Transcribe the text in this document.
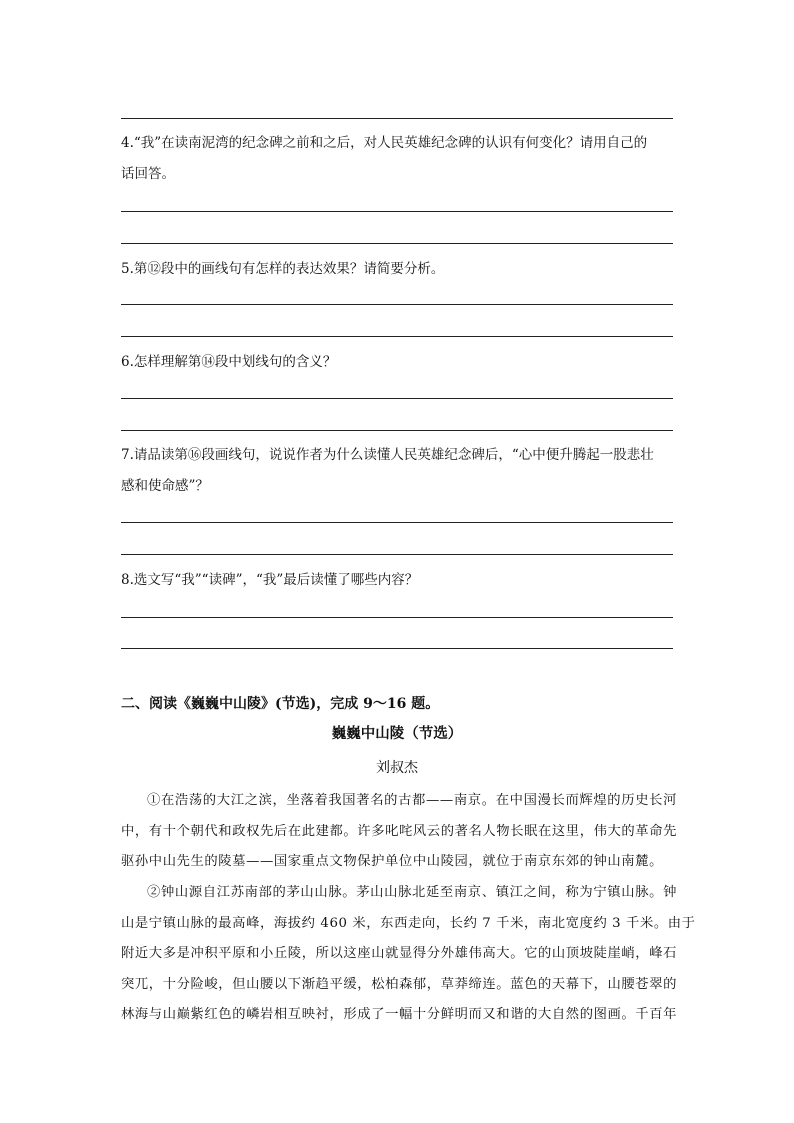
4.“我”在读南泥湾的纪念碑之前和之后，对人民英雄纪念碑的认识有何变化？请用自己的
话回答。
5.第⑫段中的画线句有怎样的表达效果？请简要分析。
6.怎样理解第⑭段中划线句的含义？
7.请品读第⑯段画线句，说说作者为什么读懂人民英雄纪念碑后，“心中便升腾起一股悲壮
感和使命感”？
8.选文写“我”“读碑”，“我”最后读懂了哪些内容？
二、阅读《巍巍中山陵》(节选)，完成 9～16 题。
巍巍中山陵（节选）
刘叔杰
①在浩荡的大江之滨，坐落着我国著名的古都——南京。在中国漫长而辉煌的历史长河
中，有十个朝代和政权先后在此建都。许多叱咤风云的著名人物长眠在这里，伟大的革命先
驱孙中山先生的陵墓——国家重点文物保护单位中山陵园，就位于南京东郊的钟山南麓。
②钟山源自江苏南部的茅山山脉。茅山山脉北延至南京、镇江之间，称为宁镇山脉。钟
山是宁镇山脉的最高峰，海拔约 460 米，东西走向，长约 7 千米，南北宽度约 3 千米。由于
附近大多是冲积平原和小丘陵，所以这座山就显得分外雄伟高大。它的山顶坡陡崖峭，峰石
突兀，十分险峻，但山腰以下渐趋平缓，松柏森郁，草莽缔连。蓝色的天幕下，山腰苍翠的
林海与山巅紫红色的嶙岩相互映衬，形成了一幅十分鲜明而又和谐的大自然的图画。千百年
